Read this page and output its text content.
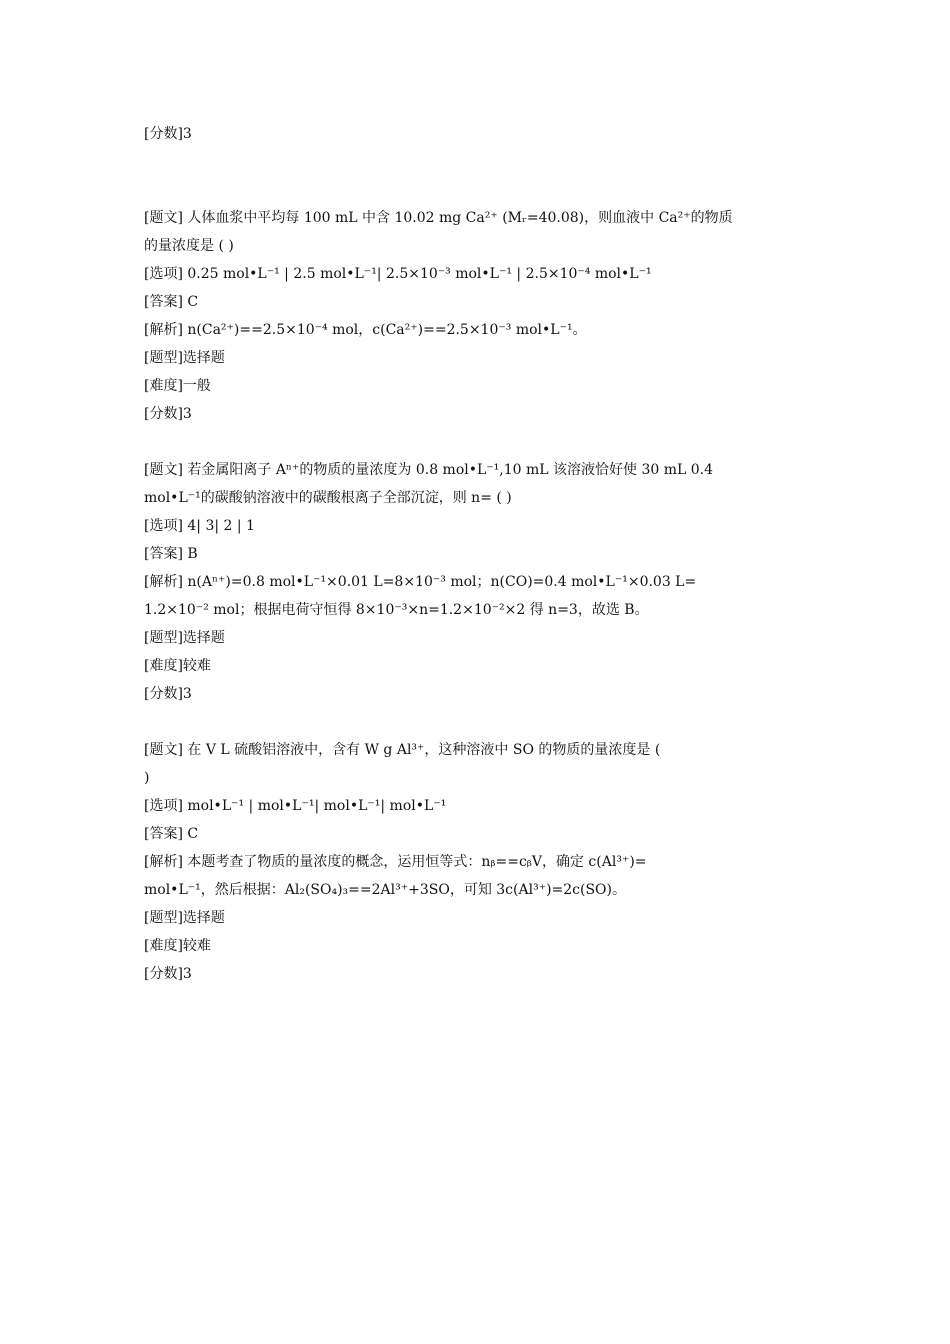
[分数]3
[题文] 人体血浆中平均每 100 mL 中含 10.02 mg Ca²⁺ (Mᵣ=40.08)，则血液中 Ca²⁺的物质
的量浓度是 ( )
[选项] 0.25 mol•L⁻¹ | 2.5 mol•L⁻¹| 2.5×10⁻³ mol•L⁻¹ | 2.5×10⁻⁴ mol•L⁻¹
[答案] C
[解析] n(Ca²⁺)==2.5×10⁻⁴ mol，c(Ca²⁺)==2.5×10⁻³ mol•L⁻¹。
[题型]选择题
[难度]一般
[分数]3
[题文] 若金属阳离子 Aⁿ⁺的物质的量浓度为 0.8 mol•L⁻¹,10 mL 该溶液恰好使 30 mL 0.4
mol•L⁻¹的碳酸钠溶液中的碳酸根离子全部沉淀，则 n= ( )
[选项] 4| 3| 2 | 1
[答案] B
[解析] n(Aⁿ⁺)=0.8 mol•L⁻¹×0.01 L=8×10⁻³ mol；n(CO)=0.4 mol•L⁻¹×0.03 L=
1.2×10⁻² mol；根据电荷守恒得 8×10⁻³×n=1.2×10⁻²×2 得 n=3，故选 B。
[题型]选择题
[难度]较难
[分数]3
[题文] 在 V L 硫酸铝溶液中，含有 W g Al³⁺，这种溶液中 SO 的物质的量浓度是 (
)
[选项] mol•L⁻¹ | mol•L⁻¹| mol•L⁻¹| mol•L⁻¹
[答案] C
[解析] 本题考查了物质的量浓度的概念，运用恒等式：nᵦ==cᵦV，确定 c(Al³⁺)=
mol•L⁻¹，然后根据：Al₂(SO₄)₃==2Al³⁺+3SO，可知 3c(Al³⁺)=2c(SO)。
[题型]选择题
[难度]较难
[分数]3
